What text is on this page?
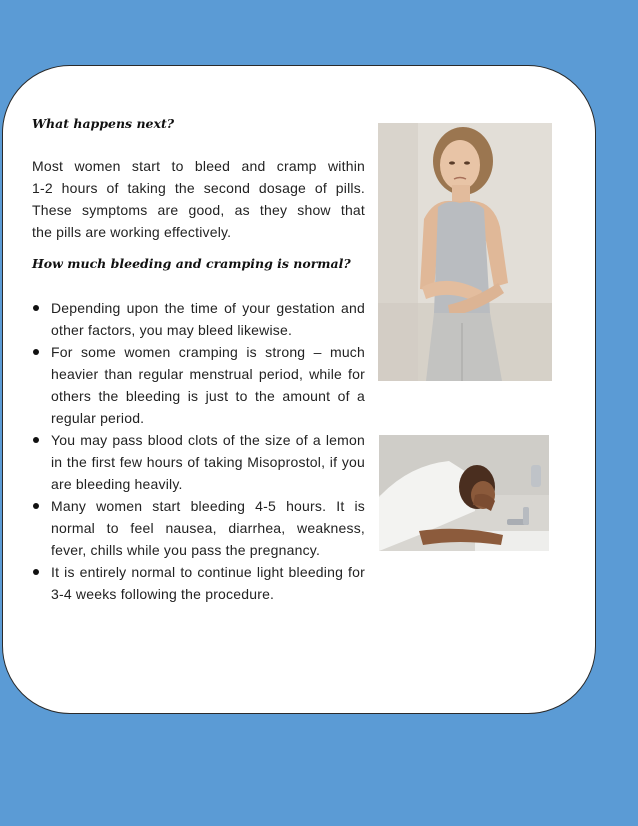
What happens next?

Most women start to bleed and cramp within
1-2 hours of taking the second dosage of pills.
These symptoms are good, as they show that
the pills are working effectively.

How much bleeding and cramping is normal?

Depending upon the time of your gestation and other factors, you may bleed likewise.
For some women cramping is strong – much heavier than regular menstrual period, while for others the bleeding is just to the amount of a regular period.
You may pass blood clots of the size of a lemon in the first few hours of taking Misoprostol, if you are bleeding heavily.
Many women start bleeding 4-5 hours. It is normal to feel nausea, diarrhea, weakness, fever, chills while you pass the pregnancy.
It is entirely normal to continue light bleeding for 3-4 weeks following the procedure.
